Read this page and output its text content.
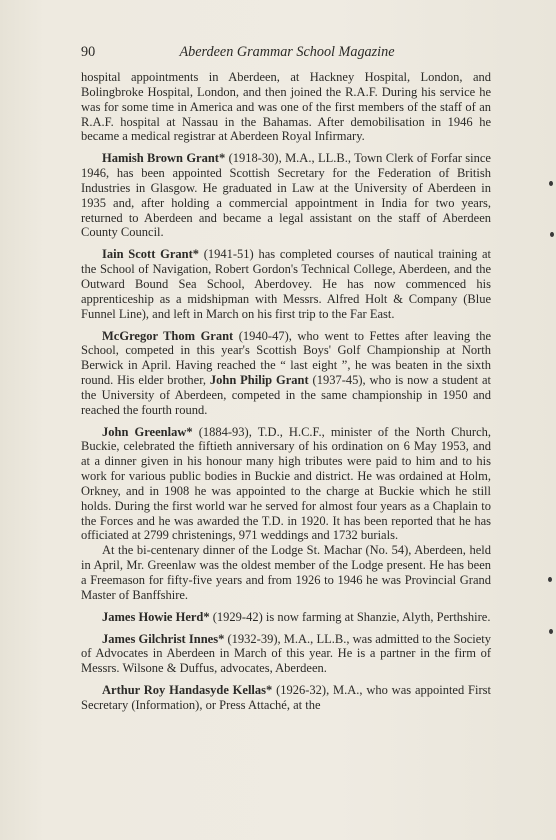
90	Aberdeen Grammar School Magazine

hospital appointments in Aberdeen, at Hackney Hospital, London, and Bolingbroke Hospital, London, and then joined the R.A.F. During his service he was for some time in America and was one of the first members of the staff of an R.A.F. hospital at Nassau in the Bahamas. After demobilisation in 1946 he became a medical registrar at Aberdeen Royal Infirmary.

Hamish Brown Grant* (1918-30), M.A., LL.B., Town Clerk of Forfar since 1946, has been appointed Scottish Secretary for the Federation of British Industries in Glasgow. He graduated in Law at the University of Aberdeen in 1935 and, after holding a commercial appointment in India for two years, returned to Aberdeen and became a legal assistant on the staff of Aberdeen County Council.

Iain Scott Grant* (1941-51) has completed courses of nautical training at the School of Navigation, Robert Gordon's Technical College, Aberdeen, and the Outward Bound Sea School, Aberdovey. He has now commenced his apprenticeship as a midshipman with Messrs. Alfred Holt & Company (Blue Funnel Line), and left in March on his first trip to the Far East.

McGregor Thom Grant (1940-47), who went to Fettes after leaving the School, competed in this year's Scottish Boys' Golf Championship at North Berwick in April. Having reached the “ last eight ”, he was beaten in the sixth round. His elder brother, John Philip Grant (1937-45), who is now a student at the University of Aberdeen, competed in the same championship in 1950 and reached the fourth round.

John Greenlaw* (1884-93), T.D., H.C.F., minister of the North Church, Buckie, celebrated the fiftieth anniversary of his ordination on 6 May 1953, and at a dinner given in his honour many high tributes were paid to him and to his work for various public bodies in Buckie and district. He was ordained at Holm, Orkney, and in 1908 he was appointed to the charge at Buckie which he still holds. During the first world war he served for almost four years as a Chaplain to the Forces and he was awarded the T.D. in 1920. It has been reported that he has officiated at 2799 christenings, 971 weddings and 1732 burials.

At the bi-centenary dinner of the Lodge St. Machar (No. 54), Aberdeen, held in April, Mr. Greenlaw was the oldest member of the Lodge present. He has been a Freemason for fifty-five years and from 1926 to 1946 he was Provincial Grand Master of Banffshire.

James Howie Herd* (1929-42) is now farming at Shanzie, Alyth, Perthshire.

James Gilchrist Innes* (1932-39), M.A., LL.B., was admitted to the Society of Advocates in Aberdeen in March of this year. He is a partner in the firm of Messrs. Wilsone & Duffus, advocates, Aberdeen.

Arthur Roy Handasyde Kellas* (1926-32), M.A., who was appointed First Secretary (Information), or Press Attaché, at the
